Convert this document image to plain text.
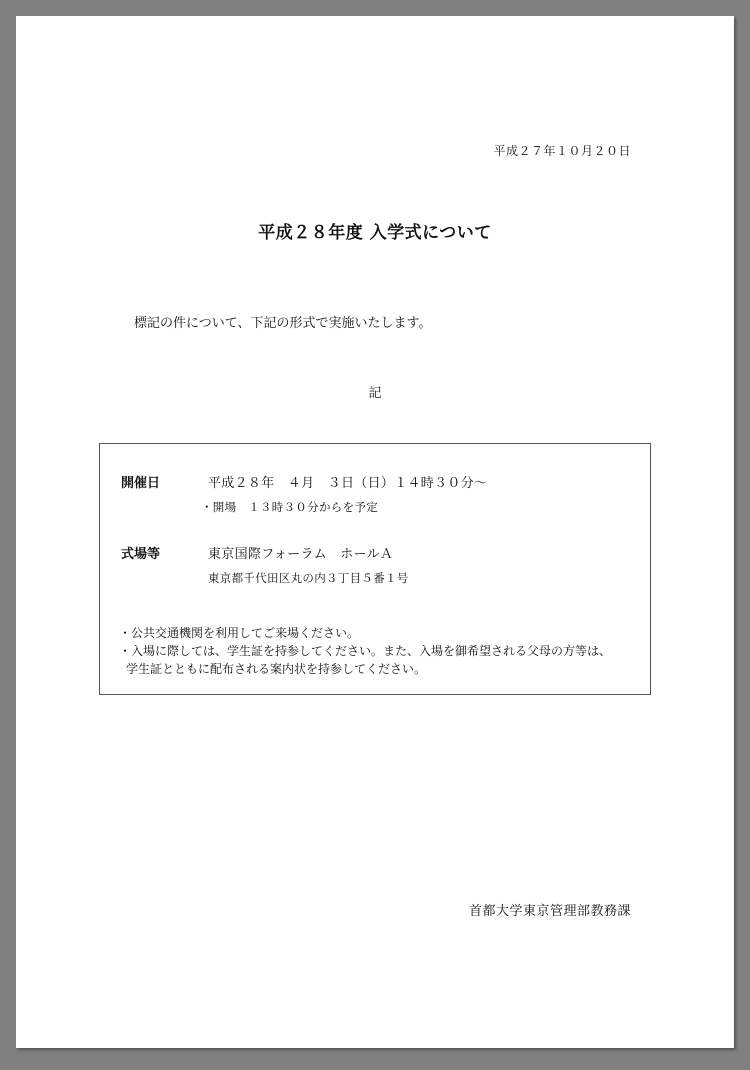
平成２７年１０月２０日
平成２８年度 入学式について
標記の件について、下記の形式で実施いたします。
記
開催日	平成２８年　４月　３日（日）１４時３０分～
・開場　１３時３０分からを予定
式場等	東京国際フォーラム　ホールＡ
東京都千代田区丸の内３丁目５番１号
・公共交通機関を利用してご来場ください。
・入場に際しては、学生証を持参してください。また、入場を御希望される父母の方等は、
学生証とともに配布される案内状を持参してください。
首都大学東京管理部教務課
